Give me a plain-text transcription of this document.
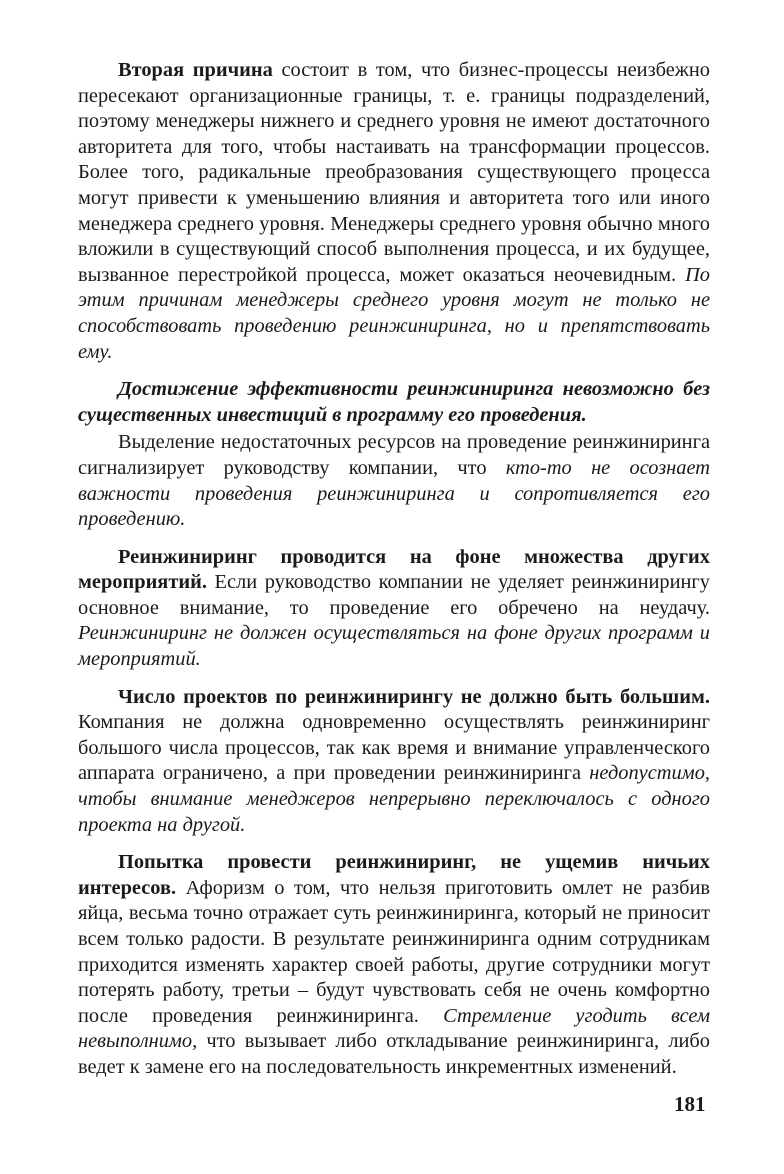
Вторая причина состоит в том, что бизнес-процессы неизбежно пересекают организационные границы, т. е. границы подразделений, поэтому менеджеры нижнего и среднего уровня не имеют достаточного авторитета для того, чтобы настаивать на трансформации процессов. Более того, радикальные преобразования существующего процесса могут привести к уменьшению влияния и авторитета того или иного менеджера среднего уровня. Менеджеры среднего уровня обычно много вложили в существующий способ выполнения процесса, и их будущее, вызванное перестройкой процесса, может оказаться неочевидным. По этим причинам менеджеры среднего уровня могут не только не способствовать проведению реинжиниринга, но и препятствовать ему.

Достижение эффективности реинжиниринга невозможно без существенных инвестиций в программу его проведения.

Выделение недостаточных ресурсов на проведение реинжиниринга сигнализирует руководству компании, что кто-то не осознает важности проведения реинжиниринга и сопротивляется его проведению.

Реинжиниринг проводится на фоне множества других мероприятий. Если руководство компании не уделяет реинжинирингу основное внимание, то проведение его обречено на неудачу. Реинжиниринг не должен осуществляться на фоне других программ и мероприятий.

Число проектов по реинжинирингу не должно быть большим. Компания не должна одновременно осуществлять реинжиниринг большого числа процессов, так как время и внимание управленческого аппарата ограничено, а при проведении реинжиниринга недопустимо, чтобы внимание менеджеров непрерывно переключалось с одного проекта на другой.

Попытка провести реинжиниринг, не ущемив ничьих интересов. Афоризм о том, что нельзя приготовить омлет не разбив яйца, весьма точно отражает суть реинжиниринга, который не приносит всем только радости. В результате реинжиниринга одним сотрудникам приходится изменять характер своей работы, другие сотрудники могут потерять работу, третьи – будут чувствовать себя не очень комфортно после проведения реинжиниринга. Стремление угодить всем невыполнимо, что вызывает либо откладывание реинжиниринга, либо ведет к замене его на последовательность инкрементных изменений.

181
